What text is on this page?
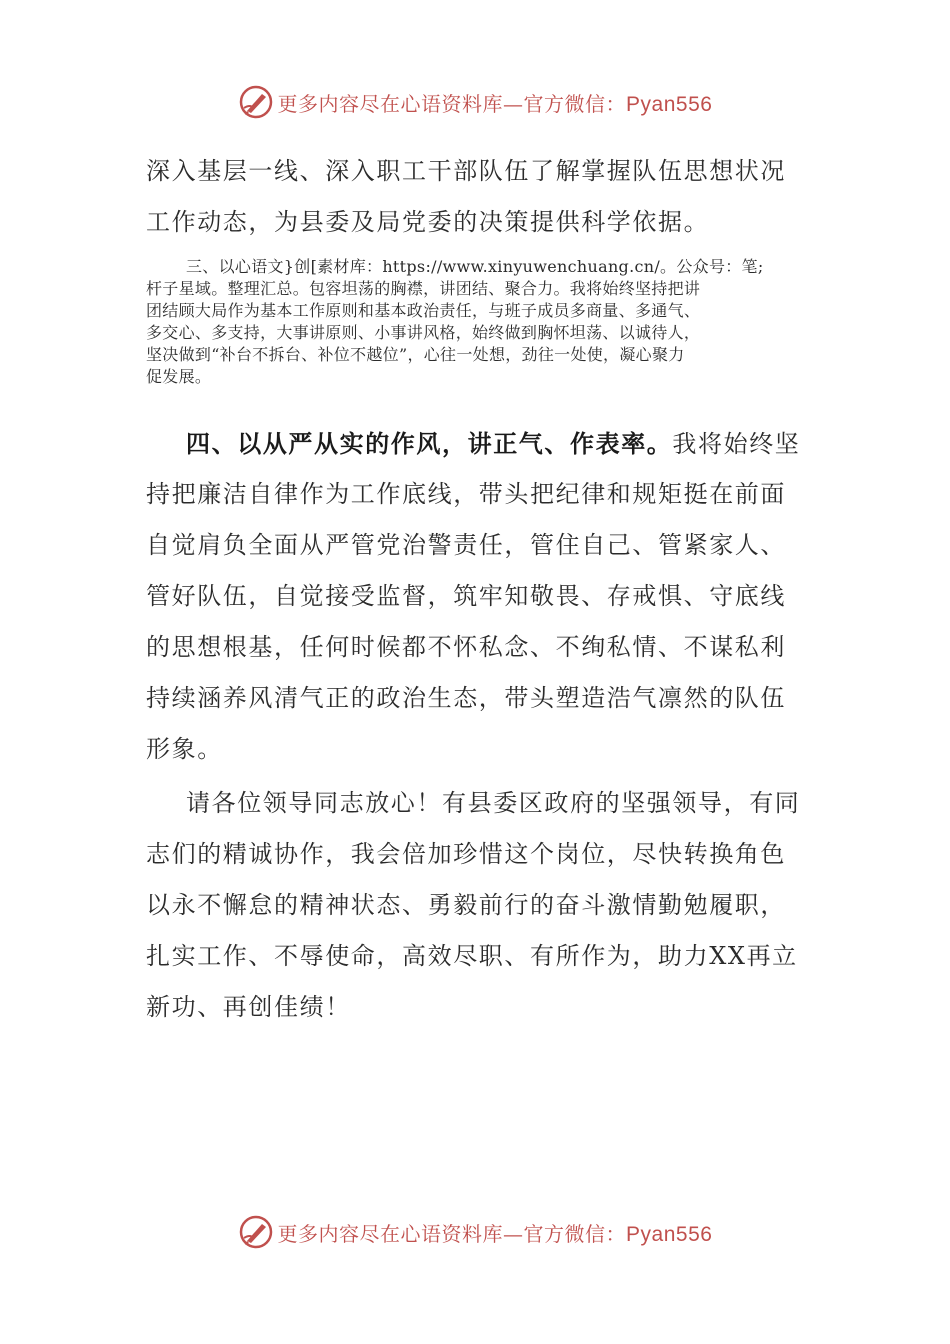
更多内容尽在心语资料库—官方微信：Pyan556
深入基层一线、深入职工干部队伍了解掌握队伍思想状况
工作动态，为县委及局党委的决策提供科学依据。
三、以心语文}创[素材库：https://www.xinyuwenchuang.cn/。公众号：笔;
杆子星域。整理汇总。包容坦荡的胸襟，讲团结、聚合力。我将始终坚持把讲
团结顾大局作为基本工作原则和基本政治责任，与班子成员多商量、多通气、
多交心、多支持，大事讲原则、小事讲风格，始终做到胸怀坦荡、以诚待人，
坚决做到“补台不拆台、补位不越位”，心往一处想，劲往一处使，凝心聚力
促发展。
四、以从严从实的作风，讲正气、作表率。我将始终坚
持把廉洁自律作为工作底线，带头把纪律和规矩挺在前面
自觉肩负全面从严管党治警责任，管住自己、管紧家人、
管好队伍，自觉接受监督，筑牢知敬畏、存戒惧、守底线
的思想根基，任何时候都不怀私念、不绚私情、不谋私利
持续涵养风清气正的政治生态，带头塑造浩气凛然的队伍
形象。
请各位领导同志放心！有县委区政府的坚强领导，有同
志们的精诚协作，我会倍加珍惜这个岗位，尽快转换角色
以永不懈怠的精神状态、勇毅前行的奋斗激情勤勉履职，
扎实工作、不辱使命，高效尽职、有所作为，助力XX再立
新功、再创佳绩！
更多内容尽在心语资料库—官方微信：Pyan556
